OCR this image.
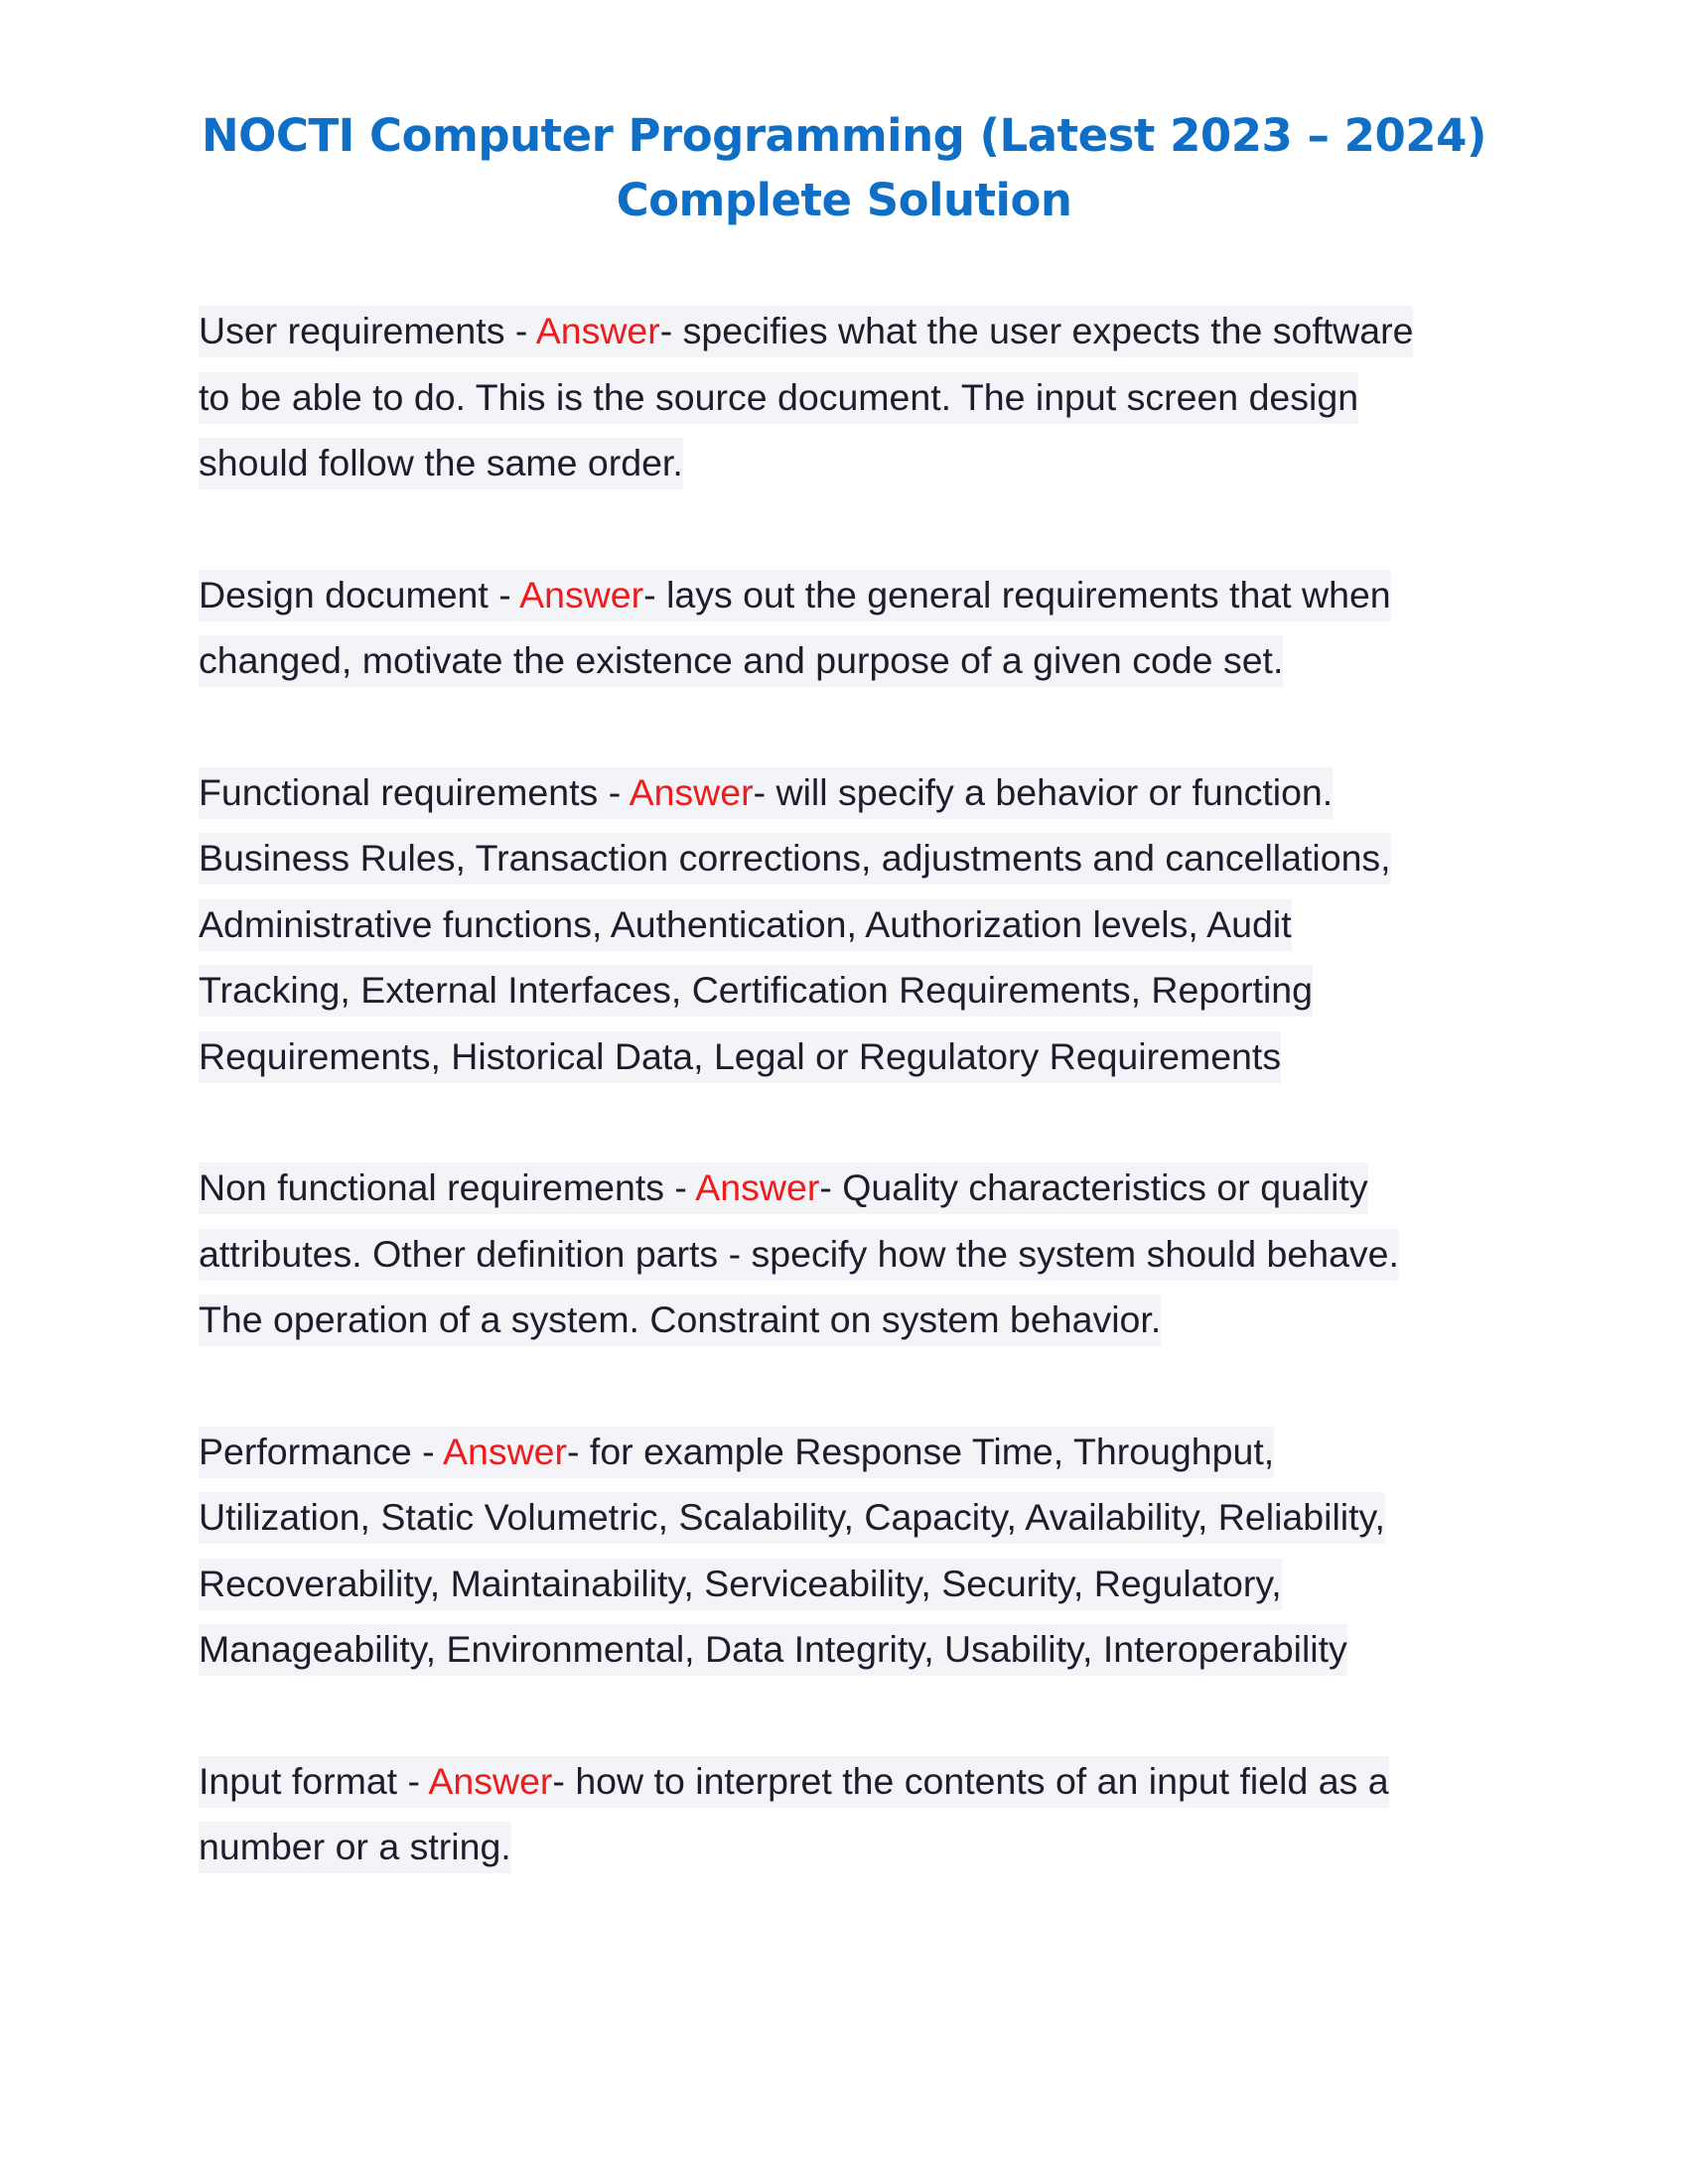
NOCTI Computer Programming (Latest 2023 – 2024)
Complete Solution
User requirements - Answer- specifies what the user expects the software
to be able to do. This is the source document. The input screen design
should follow the same order.
Design document - Answer- lays out the general requirements that when
changed, motivate the existence and purpose of a given code set.
Functional requirements - Answer- will specify a behavior or function.
Business Rules, Transaction corrections, adjustments and cancellations,
Administrative functions, Authentication, Authorization levels, Audit
Tracking, External Interfaces, Certification Requirements, Reporting
Requirements, Historical Data, Legal or Regulatory Requirements
Non functional requirements - Answer- Quality characteristics or quality
attributes. Other definition parts - specify how the system should behave.
The operation of a system. Constraint on system behavior.
Performance - Answer- for example Response Time, Throughput,
Utilization, Static Volumetric, Scalability, Capacity, Availability, Reliability,
Recoverability, Maintainability, Serviceability, Security, Regulatory,
Manageability, Environmental, Data Integrity, Usability, Interoperability
Input format - Answer- how to interpret the contents of an input field as a
number or a string.
